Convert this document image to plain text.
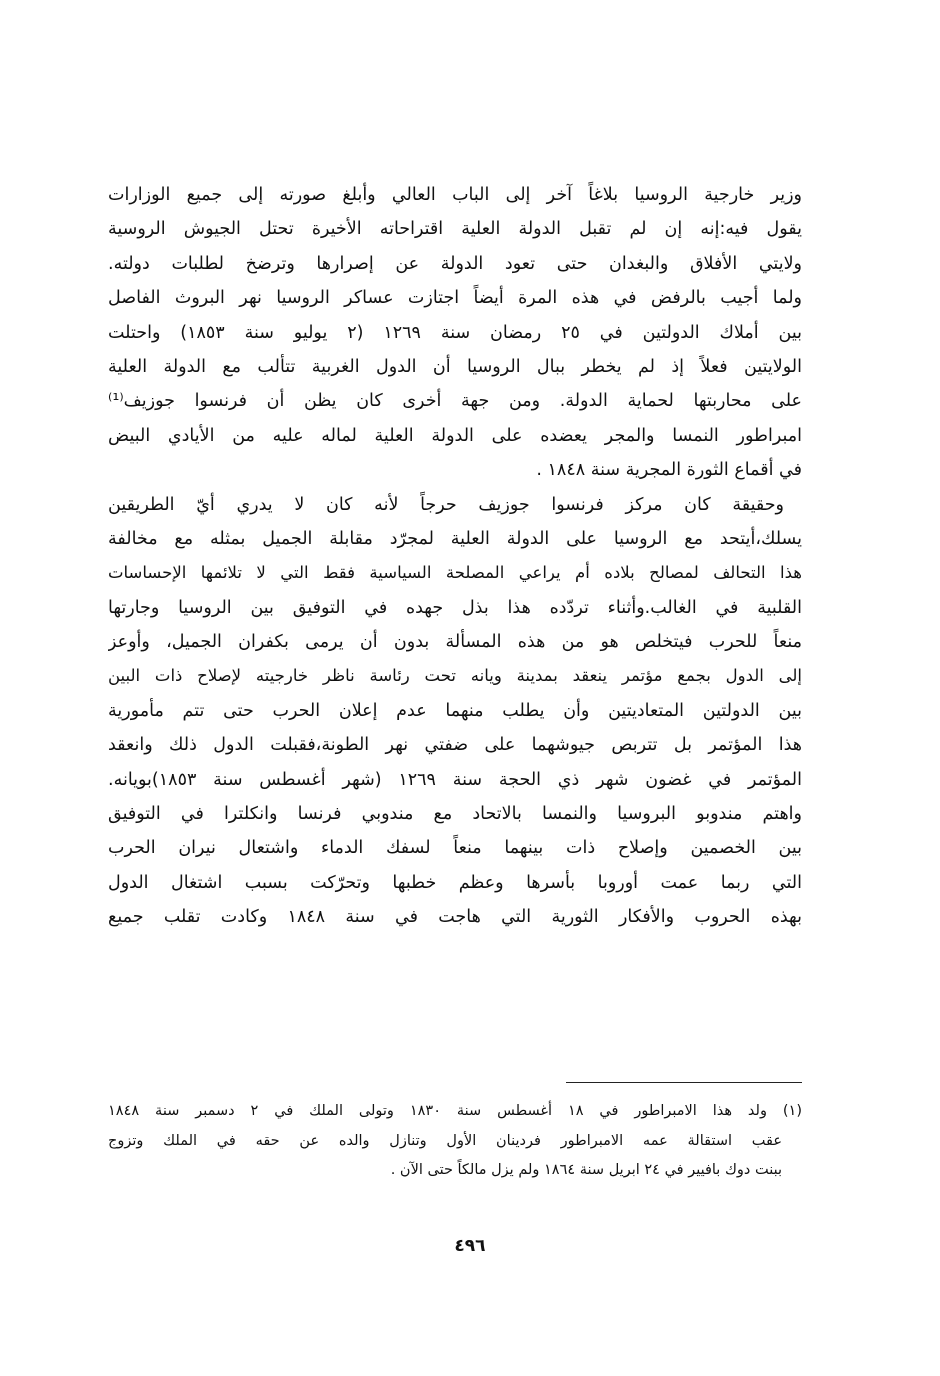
وزير خارجية الروسيا بلاغاً آخر إلى الباب العالي وأبلغ صورته إلى جميع الوزارات
يقول فيه:إنه إن لم تقبل الدولة العلية اقتراحاته الأخيرة تحتل الجيوش الروسية
ولايتي الأفلاق والبغدان حتى تعود الدولة عن إصرارها وترضخ لطلبات دولته.
ولما أجيب بالرفض في هذه المرة أيضاً اجتازت عساكر الروسيا نهر البروث الفاصل
بين أملاك الدولتين في ٢٥ رمضان سنة ١٢٦٩ (٢ يوليو سنة ١٨٥٣) واحتلت
الولايتين فعلاً إذ لم يخطر ببال الروسيا أن الدول الغربية تتألب مع الدولة العلية
على محاربتها لحماية الدولة. ومن جهة أخرى كان يظن أن فرنسوا جوزيف⁽¹⁾
امبراطور النمسا والمجر يعضده على الدولة العلية لماله عليه من الأيادي البيض
في أقماع الثورة المجرية سنة ١٨٤٨ .
وحقيقة كان مركز فرنسوا جوزيف حرجاً لأنه كان لا يدري أيّ الطريقين
يسلك،أيتحد مع الروسيا على الدولة العلية لمجرّد مقابلة الجميل بمثله مع مخالفة
هذا التحالف لمصالح بلاده أم يراعي المصلحة السياسية فقط التي لا تلائمها الإحساسات
القلبية في الغالب.وأثناء تردّده هذا بذل جهده في التوفيق بين الروسيا وجارتها
منعاً للحرب فيتخلص هو من هذه المسألة بدون أن يرمى بكفران الجميل، وأوعز
إلى الدول بجمع مؤتمر ينعقد بمدينة ويانه تحت رئاسة ناظر خارجيته لإصلاح ذات البين
بين الدولتين المتعاديتين وأن يطلب منهما عدم إعلان الحرب حتى تتم مأمورية
هذا المؤتمر بل تتربص جيوشهما على ضفتي نهر الطونة،فقبلت الدول ذلك وانعقد
المؤتمر في غضون شهر ذي الحجة سنة ١٢٦٩ (شهر أغسطس سنة ١٨٥٣)بويانه.
واهتم مندوبو البروسيا والنمسا بالاتحاد مع مندوبي فرنسا وانكلترا في التوفيق
بين الخصمين وإصلاح ذات بينهما منعاً لسفك الدماء واشتعال نيران الحرب
التي ربما عمت أوروبا بأسرها وعظم خطبها وتحرّكت بسبب اشتغال الدول
بهذه الحروب والأفكار الثورية التي هاجت في سنة ١٨٤٨ وكادت تقلب جميع
(١) ولد هذا الامبراطور في ١٨ أغسطس سنة ١٨٣٠ وتولى الملك في ٢ دسمبر سنة ١٨٤٨
عقب استقالة عمه الامبراطور فردينان الأول وتنازل والده عن حقه في الملك وتزوج
ببنت دوك بافيير في ٢٤ ابريل سنة ١٨٦٤ ولم يزل مالكاً حتى الآن .
٤٩٦
